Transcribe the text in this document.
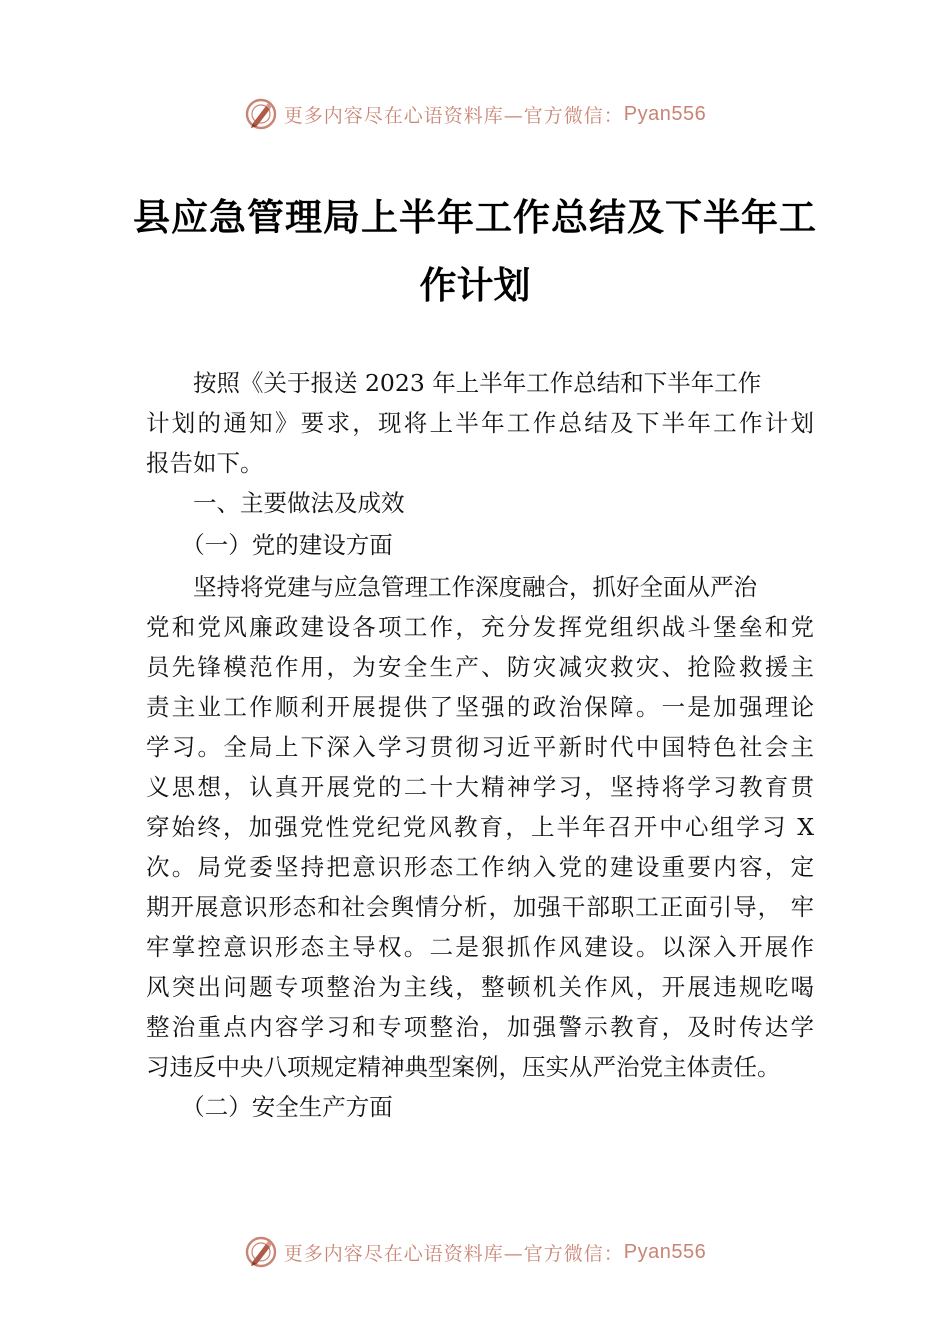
更多内容尽在心语资料库—官方微信： Pyan556
县应急管理局上半年工作总结及下半年工
作计划
　　按照《关于报送 2023 年上半年工作总结和下半年工作
计划的通知》要求，现将上半年工作总结及下半年工作计划
报告如下。
　　一、主要做法及成效
　　（一）党的建设方面
　　坚持将党建与应急管理工作深度融合，抓好全面从严治
党和党风廉政建设各项工作，充分发挥党组织战斗堡垒和党
员先锋模范作用，为安全生产、防灾减灾救灾、抢险救援主
责主业工作顺利开展提供了坚强的政治保障。一是加强理论
学习。全局上下深入学习贯彻习近平新时代中国特色社会主
义思想，认真开展党的二十大精神学习，坚持将学习教育贯
穿始终，加强党性党纪党风教育，上半年召开中心组学习 X
次。局党委坚持把意识形态工作纳入党的建设重要内容，定
期开展意识形态和社会舆情分析，加强干部职工正面引导， 牢
牢掌控意识形态主导权。二是狠抓作风建设。以深入开展作
风突出问题专项整治为主线，整顿机关作风，开展违规吃喝
整治重点内容学习和专项整治，加强警示教育，及时传达学
习违反中央八项规定精神典型案例，压实从严治党主体责任。
　　（二）安全生产方面
更多内容尽在心语资料库—官方微信： Pyan556
